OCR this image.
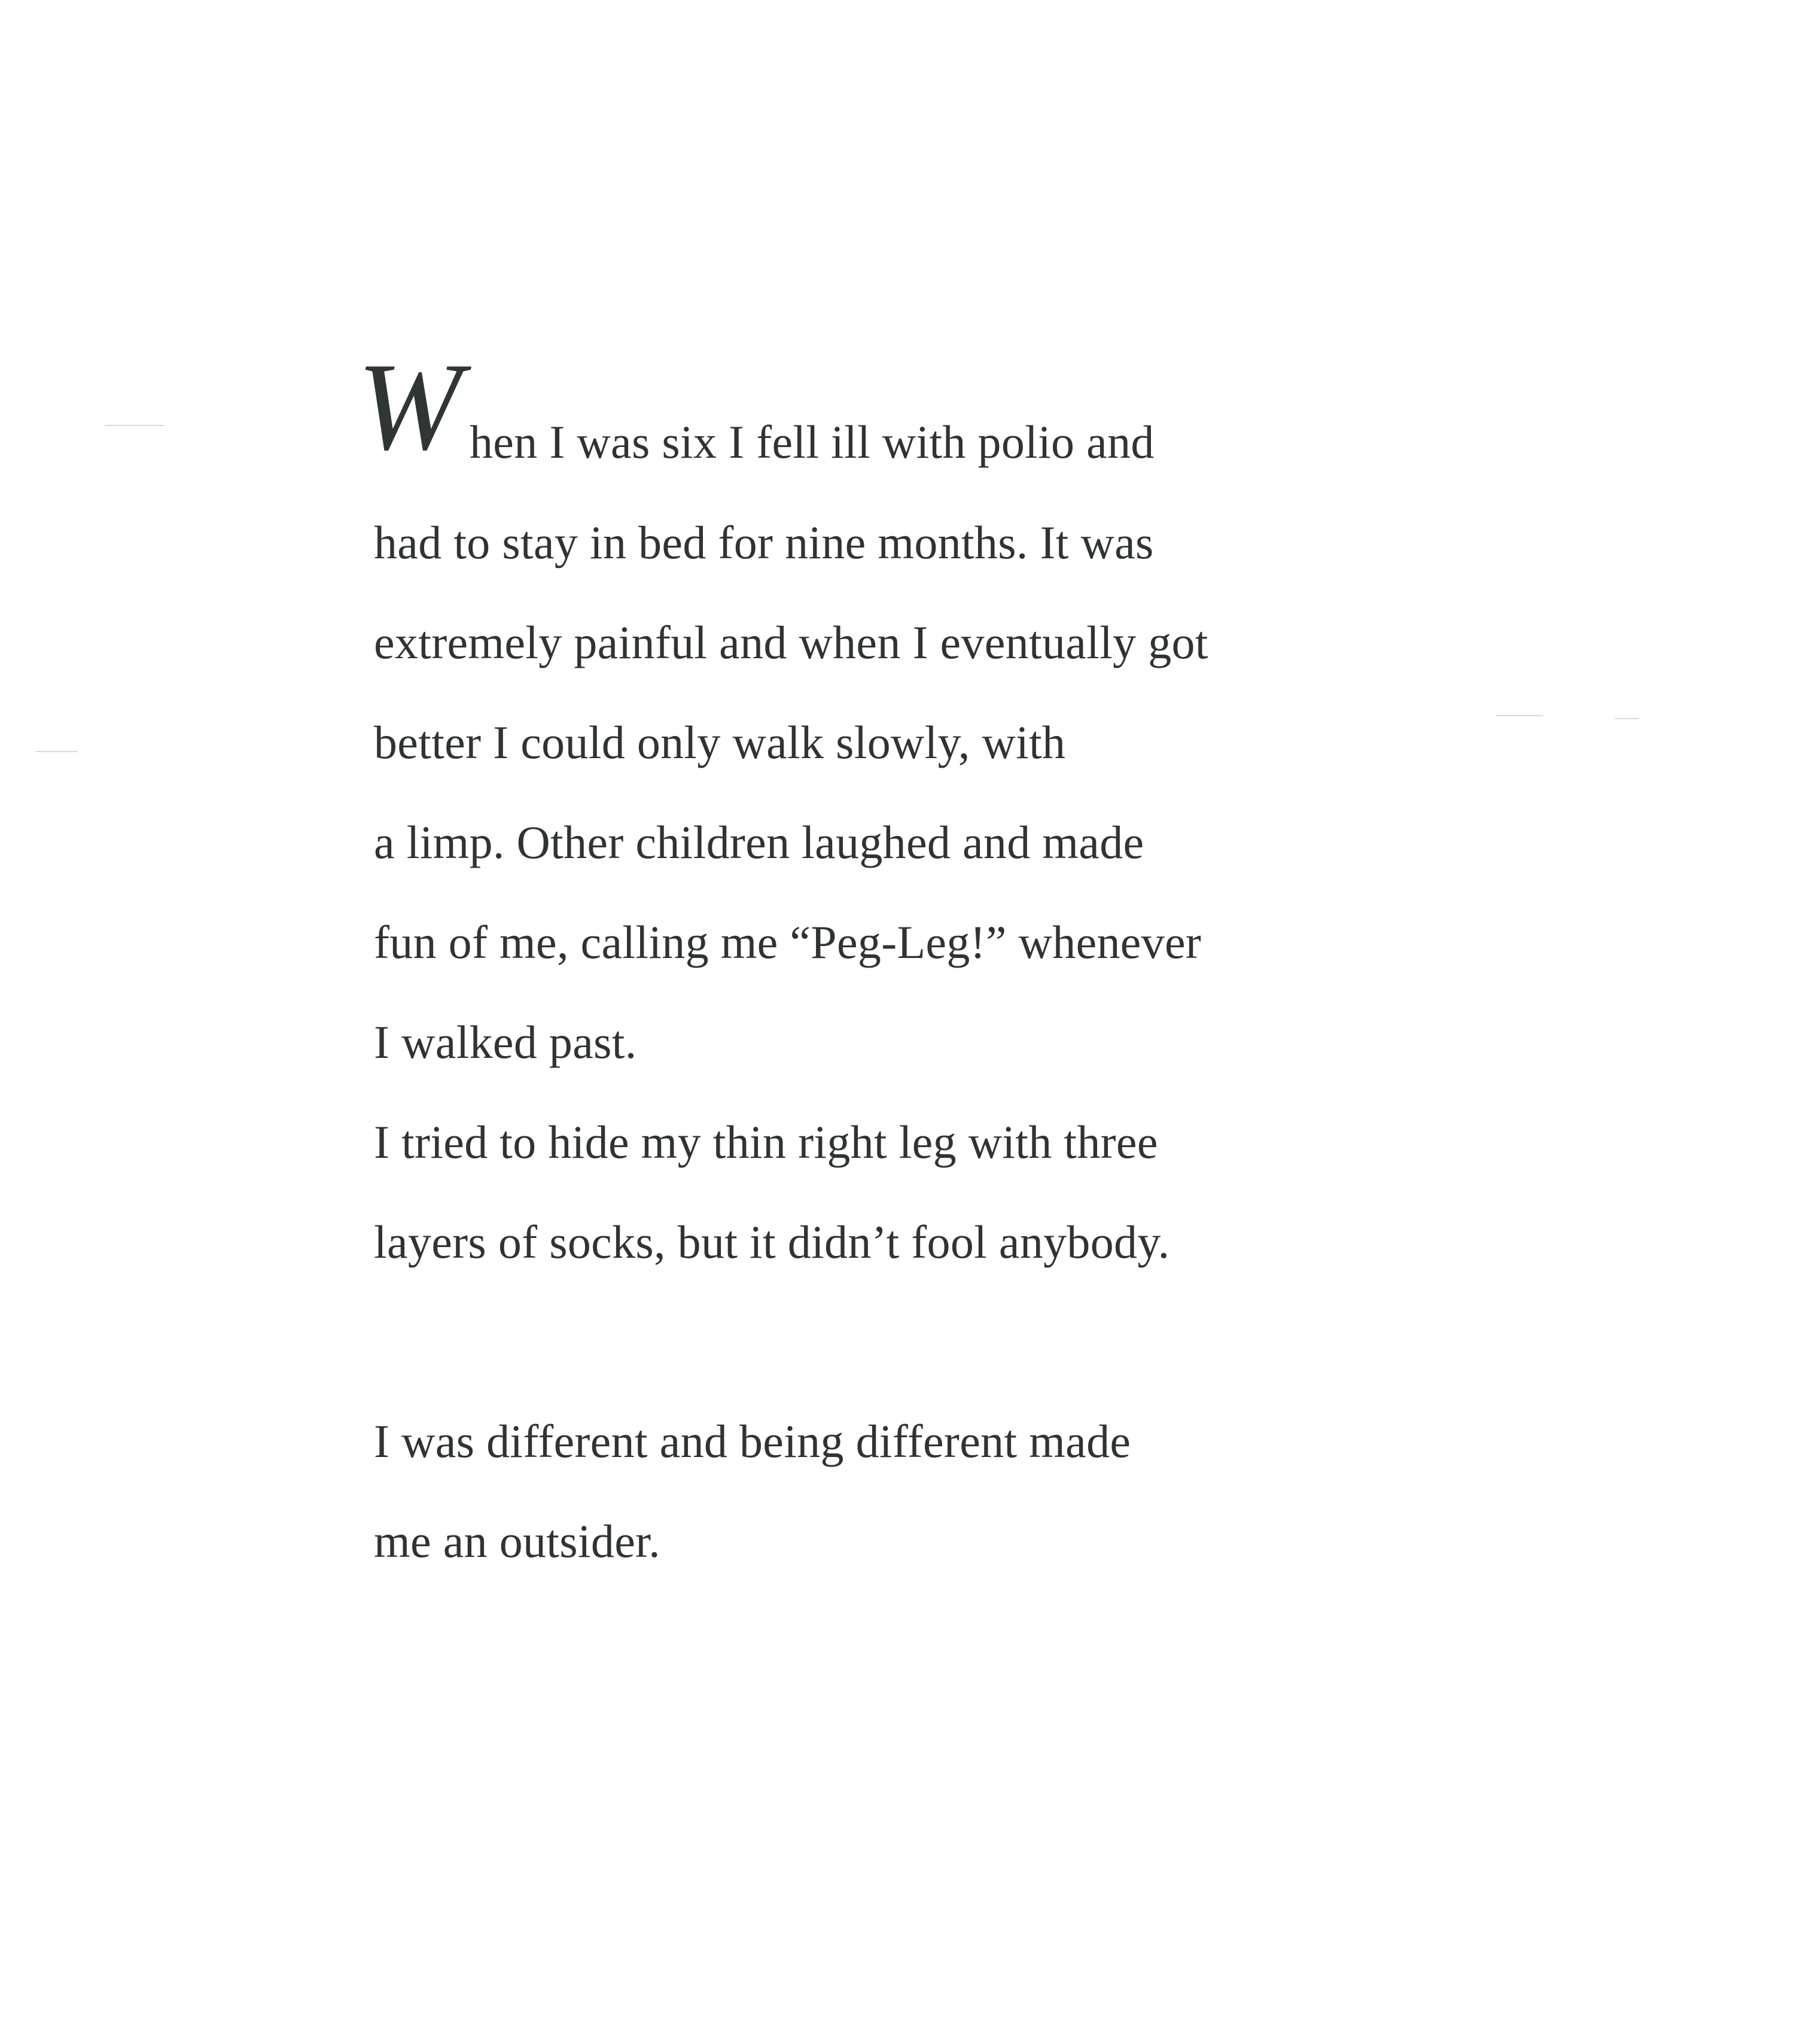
W hen I was six I fell ill with polio and
had to stay in bed for nine months. It was
extremely painful and when I eventually got
better I could only walk slowly, with
a limp. Other children laughed and made
fun of me, calling me “Peg-Leg!” whenever
I walked past.
I tried to hide my thin right leg with three
layers of socks, but it didn’t fool anybody.
I was different and being different made
me an outsider.
